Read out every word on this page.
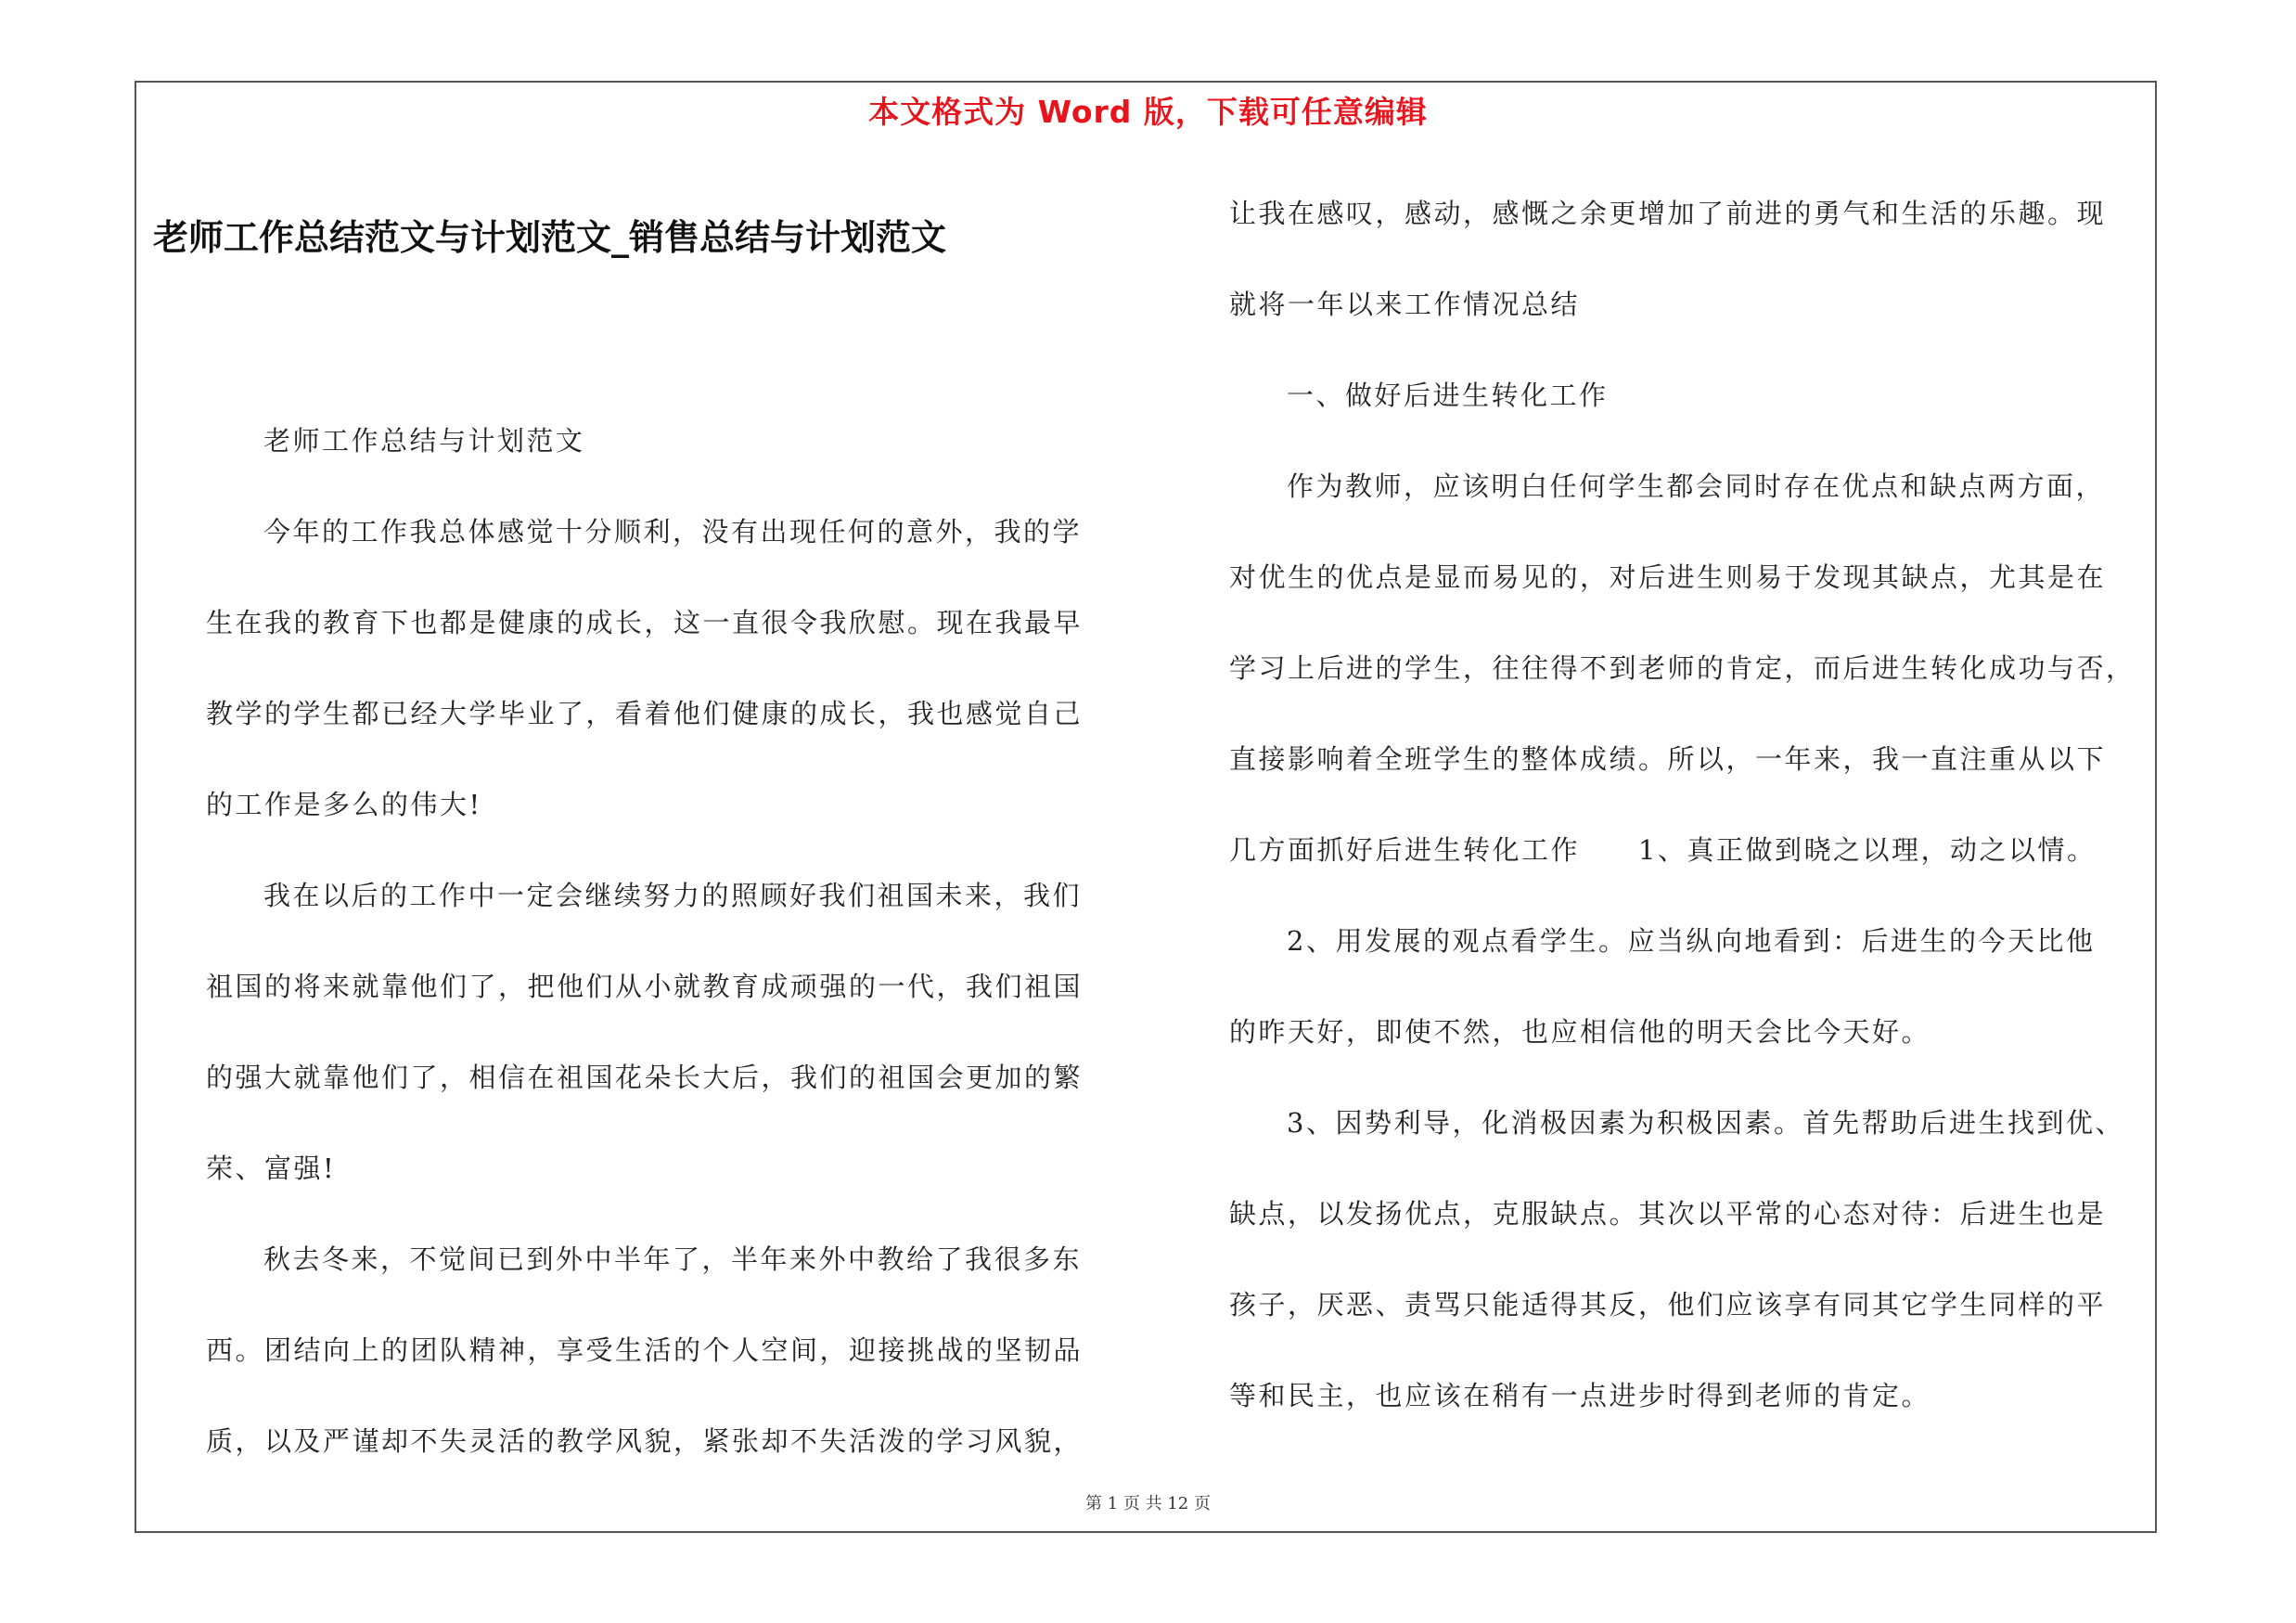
本文格式为 Word 版，下载可任意编辑
老师工作总结范文与计划范文_销售总结与计划范文
老师工作总结与计划范文
今年的工作我总体感觉十分顺利，没有出现任何的意外，我的学
生在我的教育下也都是健康的成长，这一直很令我欣慰。现在我最早
教学的学生都已经大学毕业了，看着他们健康的成长，我也感觉自己
的工作是多么的伟大!
我在以后的工作中一定会继续努力的照顾好我们祖国未来，我们
祖国的将来就靠他们了，把他们从小就教育成顽强的一代，我们祖国
的强大就靠他们了，相信在祖国花朵长大后，我们的祖国会更加的繁
荣、富强!
秋去冬来，不觉间已到外中半年了，半年来外中教给了我很多东
西。团结向上的团队精神，享受生活的个人空间，迎接挑战的坚韧品
质，以及严谨却不失灵活的教学风貌，紧张却不失活泼的学习风貌，
让我在感叹，感动，感慨之余更增加了前进的勇气和生活的乐趣。现
就将一年以来工作情况总结
一、做好后进生转化工作
作为教师，应该明白任何学生都会同时存在优点和缺点两方面，
对优生的优点是显而易见的，对后进生则易于发现其缺点，尤其是在
学习上后进的学生，往往得不到老师的肯定，而后进生转化成功与否，
直接影响着全班学生的整体成绩。所以，一年来，我一直注重从以下
几方面抓好后进生转化工作　　1、真正做到晓之以理，动之以情。
2、用发展的观点看学生。应当纵向地看到：后进生的今天比他
的昨天好，即使不然，也应相信他的明天会比今天好。
3、因势利导，化消极因素为积极因素。首先帮助后进生找到优、
缺点，以发扬优点，克服缺点。其次以平常的心态对待：后进生也是
孩子，厌恶、责骂只能适得其反，他们应该享有同其它学生同样的平
等和民主，也应该在稍有一点进步时得到老师的肯定。
第 1 页 共 12 页
